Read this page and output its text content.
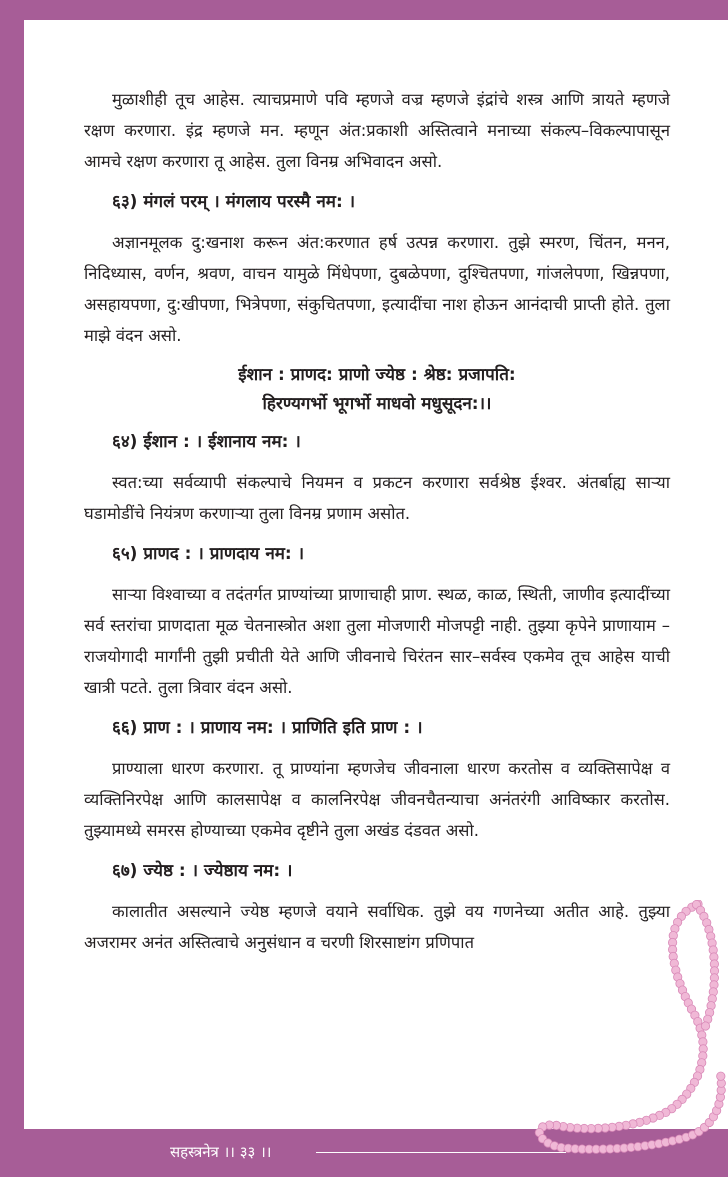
मुळाशीही तूच आहेस. त्याचप्रमाणे पवि म्हणजे वज्र म्हणजे इंद्रांचे शस्त्र आणि त्रायते म्हणजे रक्षण करणारा. इंद्र म्हणजे मन. म्हणून अंत:प्रकाशी अस्तित्वाने मनाच्या संकल्प–विकल्पापासून आमचे रक्षण करणारा तू आहेस. तुला विनम्र अभिवादन असो.

६३) मंगलं परम् । मंगलाय परस्मै नम: ।

अज्ञानमूलक दु:खनाश करून अंत:करणात हर्ष उत्पन्न करणारा. तुझे स्मरण, चिंतन, मनन, निदिध्यास, वर्णन, श्रवण, वाचन यामुळे मिंधेपणा, दुबळेपणा, दुश्चितपणा, गांजलेपणा, खिन्नपणा, असहायपणा, दु:खीपणा, भित्रेपणा, संकुचितपणा, इत्यादींचा नाश होऊन आनंदाची प्राप्ती होते. तुला माझे वंदन असो.

ईशान : प्राणद: प्राणो ज्येष्ठ : श्रेष्ठ: प्रजापति:
हिरण्यगर्भो भूगर्भो माधवो मधुसूदन:।।
६४) ईशान : । ईशानाय नम: ।

स्वत:च्या सर्वव्यापी संकल्पाचे नियमन व प्रकटन करणारा सर्वश्रेष्ठ ईश्वर. अंतर्बाह्य साऱ्या घडामोडींचे नियंत्रण करणाऱ्या तुला विनम्र प्रणाम असोत.

६५) प्राणद : । प्राणदाय नम: ।

साऱ्या विश्वाच्या व तदंतर्गत प्राण्यांच्या प्राणाचाही प्राण. स्थळ, काळ, स्थिती, जाणीव इत्यादींच्या सर्व स्तरांचा प्राणदाता मूळ चेतनास्त्रोत अशा तुला मोजणारी मोजपट्टी नाही. तुझ्या कृपेने प्राणायाम –राजयोगादी मार्गांनी तुझी प्रचीती येते आणि जीवनाचे चिरंतन सार–सर्वस्व एकमेव तूच आहेस याची खात्री पटते. तुला त्रिवार वंदन असो.

६६) प्राण : । प्राणाय नम: । प्राणिति इति प्राण : ।

प्राण्याला धारण करणारा. तू प्राण्यांना म्हणजेच जीवनाला धारण करतोस व व्यक्तिसापेक्ष व व्यक्तिनिरपेक्ष आणि कालसापेक्ष व कालनिरपेक्ष जीवनचैतन्याचा अनंतरंगी आविष्कार करतोस. तुझ्यामध्ये समरस होण्याच्या एकमेव दृष्टीने तुला अखंड दंडवत असो.

६७) ज्येष्ठ : । ज्येष्ठाय नम: ।

कालातीत असल्याने ज्येष्ठ म्हणजे वयाने सर्वाधिक. तुझे वय गणनेच्या अतीत आहे. तुझ्या अजरामर अनंत अस्तित्वाचे अनुसंधान व चरणी शिरसाष्टांग प्रणिपात

सहस्त्रनेत्र ।। ३३ ।।
